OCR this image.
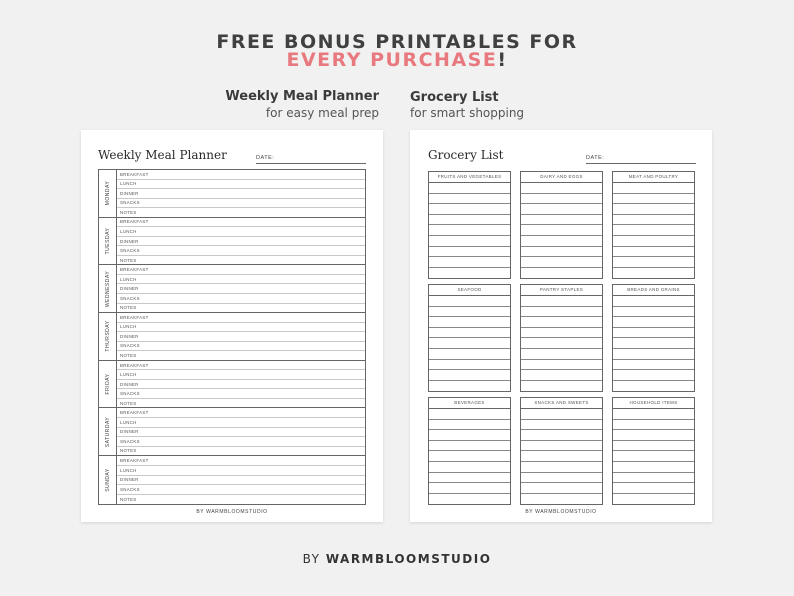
FREE BONUS PRINTABLES FOR
EVERY PURCHASE!
Weekly Meal Planner
for easy meal prep
Grocery List
for smart shopping
Weekly Meal Planner	DATE:
MONDAY
BREAKFAST
LUNCH
DINNER
SNACKS
NOTES
TUESDAY
BREAKFAST
LUNCH
DINNER
SNACKS
NOTES
WEDNESDAY
BREAKFAST
LUNCH
DINNER
SNACKS
NOTES
THURSDAY
BREAKFAST
LUNCH
DINNER
SNACKS
NOTES
FRIDAY
BREAKFAST
LUNCH
DINNER
SNACKS
NOTES
SATURDAY
BREAKFAST
LUNCH
DINNER
SNACKS
NOTES
SUNDAY
BREAKFAST
LUNCH
DINNER
SNACKS
NOTES
BY WARMBLOOMSTUDIO
Grocery List	DATE:
FRUITS AND VEGETABLES	DAIRY AND EGGS	MEAT AND POULTRY
SEAFOOD	PANTRY STAPLES	BREADS AND GRAINS
BEVERAGES	SNACKS AND SWEETS	HOUSEHOLD ITEMS
BY WARMBLOOMSTUDIO
BY WARMBLOOMSTUDIO
